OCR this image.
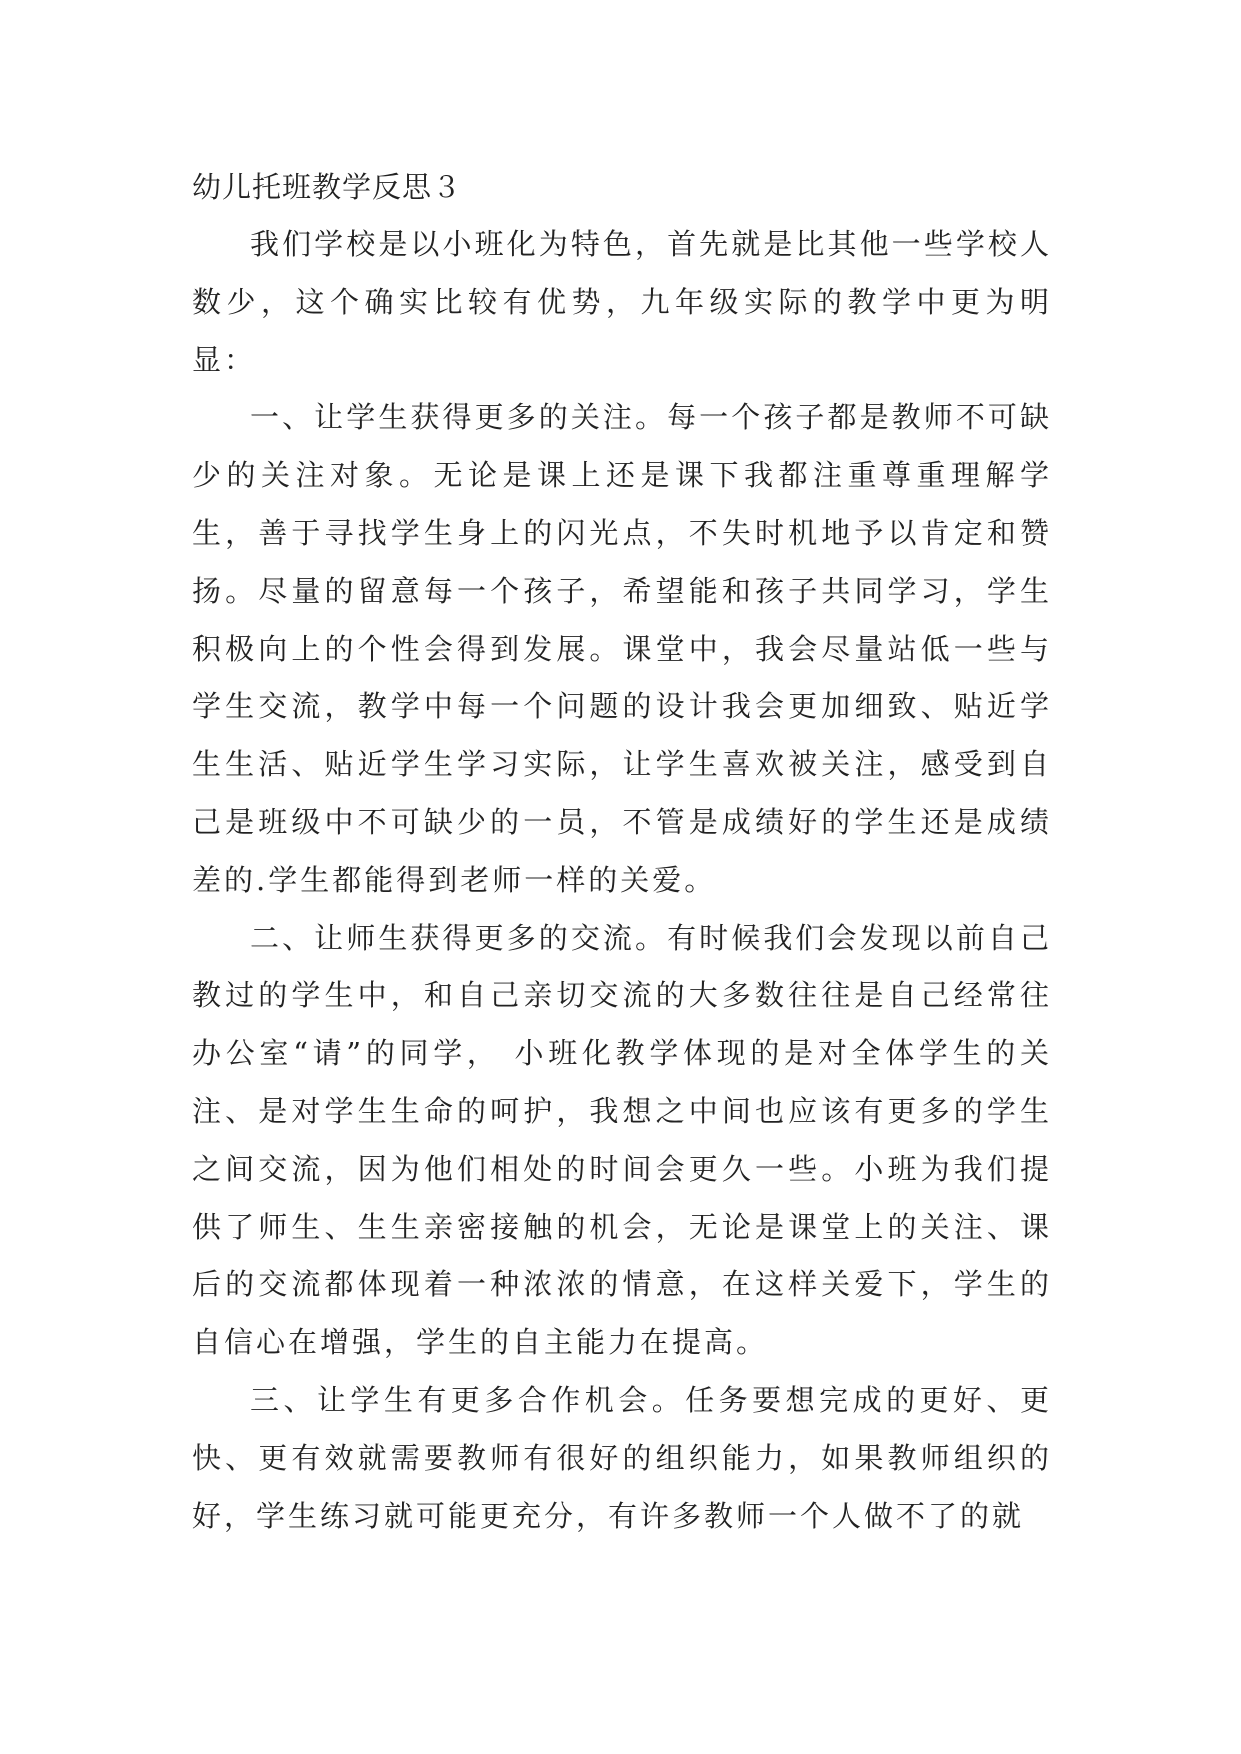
幼儿托班教学反思３

我们学校是以小班化为特色，首先就是比其他一些学校人数少，这个确实比较有优势，九年级实际的教学中更为明显：

一、让学生获得更多的关注。每一个孩子都是教师不可缺少的关注对象。无论是课上还是课下我都注重尊重理解学生，善于寻找学生身上的闪光点，不失时机地予以肯定和赞扬。尽量的留意每一个孩子，希望能和孩子共同学习，学生积极向上的个性会得到发展。课堂中，我会尽量站低一些与学生交流，教学中每一个问题的设计我会更加细致、贴近学生生活、贴近学生学习实际，让学生喜欢被关注，感受到自己是班级中不可缺少的一员，不管是成绩好的学生还是成绩差的.学生都能得到老师一样的关爱。

二、让师生获得更多的交流。有时候我们会发现以前自己教过的学生中，和自己亲切交流的大多数往往是自己经常往办公室“请”的同学， 小班化教学体现的是对全体学生的关注、是对学生生命的呵护，我想之中间也应该有更多的学生之间交流，因为他们相处的时间会更久一些。小班为我们提供了师生、生生亲密接触的机会，无论是课堂上的关注、课后的交流都体现着一种浓浓的情意，在这样关爱下，学生的自信心在增强，学生的自主能力在提高。

三、让学生有更多合作机会。任务要想完成的更好、更快、更有效就需要教师有很好的组织能力，如果教师组织的好，学生练习就可能更充分，有许多教师一个人做不了的就
